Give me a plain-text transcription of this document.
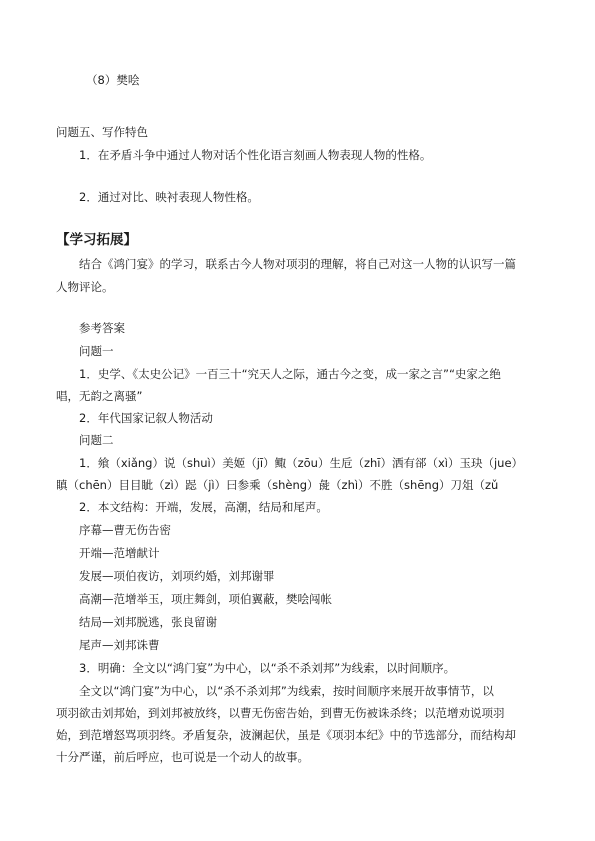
（8）樊哙
问题五、写作特色
1．在矛盾斗争中通过人物对话个性化语言刻画人物表现人物的性格。
2．通过对比、映衬表现人物性格。
【学习拓展】
结合《鸿门宴》的学习，联系古今人物对项羽的理解，将自己对这一人物的认识写一篇
人物评论。
参考答案
问题一
1．史学、《太史公记》一百三十“究天人之际，通古今之变，成一家之言”“史家之绝
唱，无韵之离骚”
2．年代国家记叙人物活动
问题二
1．飨（xiǎng）说（shuì）美姬（jī）鲰（zōu）生卮（zhī）洒有郤（xì）玉玦（jue）
瞋（chēn）目目眦（zì）跽（jì）曰参乘（shèng）彘（zhì）不胜（shēng）刀俎（zǔ
2．本文结构：开端，发展，高潮，结局和尾声。
序幕—曹无伤告密
开端—范增献计
发展—项伯夜访，刘项约婚，刘邦谢罪
高潮—范增举玉，项庄舞剑，项伯翼蔽，樊哙闯帐
结局—刘邦脱逃，张良留谢
尾声—刘邦诛曹
3．明确：全文以“鸿门宴”为中心，以“杀不杀刘邦”为线索，以时间顺序。
全文以“鸿门宴”为中心，以“杀不杀刘邦”为线索，按时间顺序来展开故事情节，以
项羽欲击刘邦始，到刘邦被放终，以曹无伤密告始，到曹无伤被诛杀终；以范增劝说项羽
始，到范增怒骂项羽终。矛盾复杂，波澜起伏，虽是《项羽本纪》中的节选部分，而结构却
十分严谨，前后呼应，也可说是一个动人的故事。
